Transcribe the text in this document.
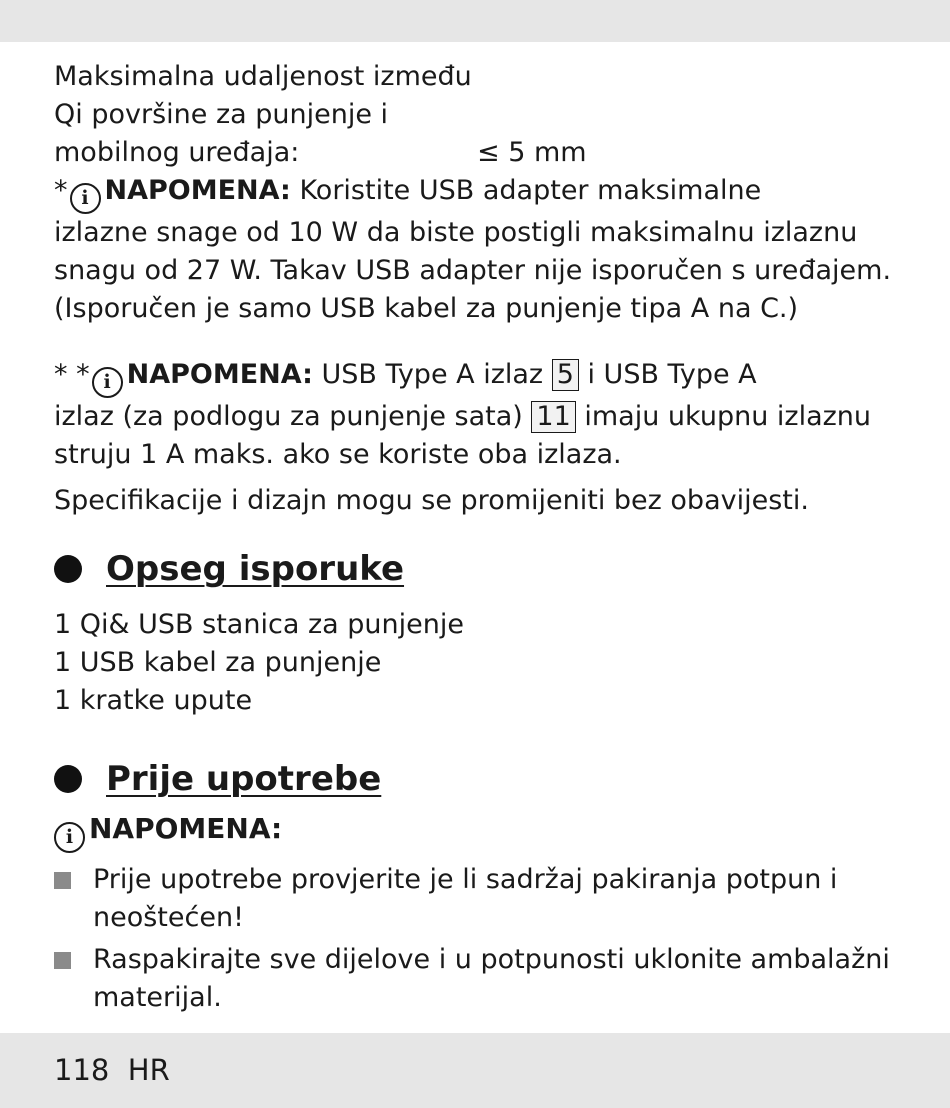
Maksimalna udaljenost između

Qi površine za punjenje i

mobilnog uređaja:	≤ 5 mm

* i NAPOMENA: Koristite USB adapter maksimalne

izlazne snage od 10 W da biste postigli maksimalnu izlaznu

snagu od 27 W. Takav USB adapter nije isporučen s uređajem.

(Isporučen je samo USB kabel za punjenje tipa A na C.)

* * i NAPOMENA: USB Type A izlaz 5 i USB Type A

izlaz (za podlogu za punjenje sata) 11 imaju ukupnu izlaznu

struju 1 A maks. ako se koriste oba izlaza.

Specifikacije i dizajn mogu se promijeniti bez obavijesti.

Opseg isporuke

1 Qi& USB stanica za punjenje

1 USB kabel za punjenje

1 kratke upute

Prije upotrebe
i NAPOMENA:

Prije upotrebe provjerite je li sadržaj pakiranja potpun i

neoštećen!

Raspakirajte sve dijelove i u potpunosti uklonite ambalažni

materijal.

118 HR
